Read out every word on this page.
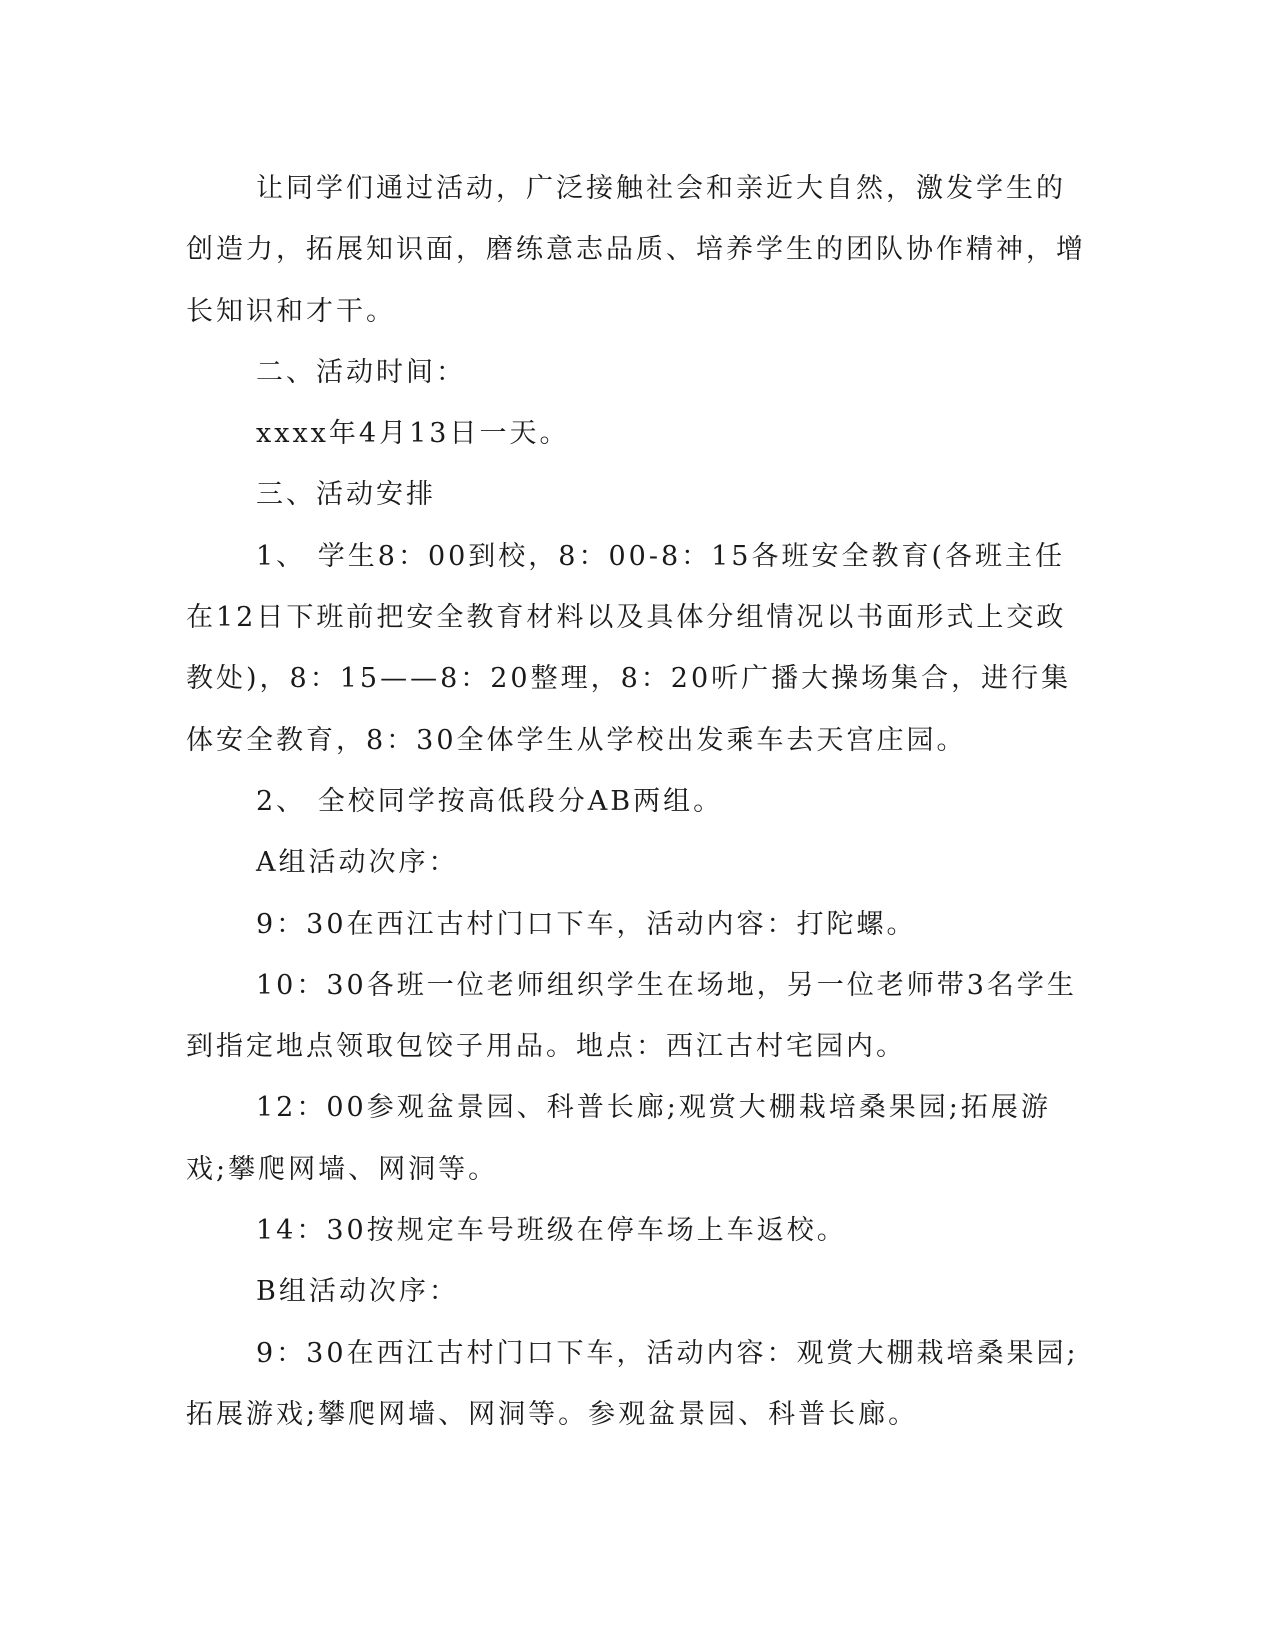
让同学们通过活动，广泛接触社会和亲近大自然，激发学生的创造力，拓展知识面，磨练意志品质、培养学生的团队协作精神，增长知识和才干。

二、活动时间：

xxxx年4月13日一天。

三、活动安排

1、 学生8：00到校，8：00-8：15各班安全教育(各班主任在12日下班前把安全教育材料以及具体分组情况以书面形式上交政教处)，8：15——8：20整理，8：20听广播大操场集合，进行集体安全教育，8：30全体学生从学校出发乘车去天宫庄园。

2、 全校同学按高低段分AB两组。

A组活动次序：

9：30在西江古村门口下车，活动内容：打陀螺。

10：30各班一位老师组织学生在场地，另一位老师带3名学生到指定地点领取包饺子用品。地点：西江古村宅园内。

12：00参观盆景园、科普长廊;观赏大棚栽培桑果园;拓展游戏;攀爬网墙、网洞等。

14：30按规定车号班级在停车场上车返校。

B组活动次序：

9：30在西江古村门口下车，活动内容：观赏大棚栽培桑果园;拓展游戏;攀爬网墙、网洞等。参观盆景园、科普长廊。
